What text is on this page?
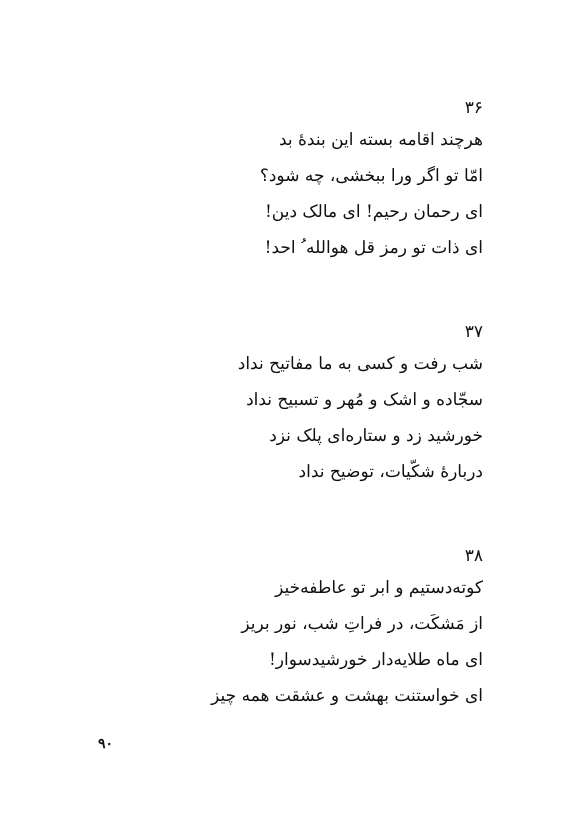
۳۶
هرچند اقامه بسته این بندهٔ بد
امّا تو اگر ورا ببخشی، چه شود؟
ای رحمان رحیم! ای مالک دین!
ای ذات تو رمز قل هوالله ُ احد!
۳۷
شب رفت و کسی به ما مفاتیح نداد
سجّاده و اشک و مُهر و تسبیح نداد
خورشید زد و ستاره‌ای پلک نزد
دربارهٔ شکّیات، توضیح نداد
۳۸
کوته‌دستیم و ابر تو عاطفه‌خیز
از مَشکَت، در فراتِ شب، نور بریز
ای ماه طلایه‌دار خورشیدسوار!
ای خواستنت بهشت و عشقت همه چیز
۹۰
